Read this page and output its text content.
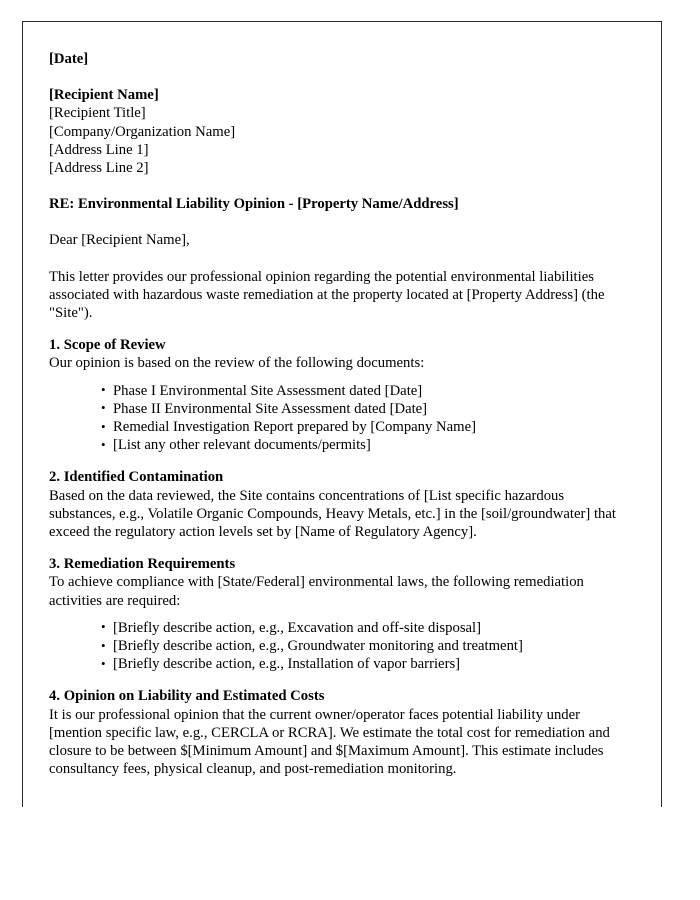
[Date]
[Recipient Name]
[Recipient Title]
[Company/Organization Name]
[Address Line 1]
[Address Line 2]
RE: Environmental Liability Opinion - [Property Name/Address]
Dear [Recipient Name],
This letter provides our professional opinion regarding the potential environmental liabilities associated with hazardous waste remediation at the property located at [Property Address] (the "Site").
1. Scope of Review
Our opinion is based on the review of the following documents:
• Phase I Environmental Site Assessment dated [Date]
• Phase II Environmental Site Assessment dated [Date]
• Remedial Investigation Report prepared by [Company Name]
• [List any other relevant documents/permits]
2. Identified Contamination
Based on the data reviewed, the Site contains concentrations of [List specific hazardous substances, e.g., Volatile Organic Compounds, Heavy Metals, etc.] in the [soil/groundwater] that exceed the regulatory action levels set by [Name of Regulatory Agency].
3. Remediation Requirements
To achieve compliance with [State/Federal] environmental laws, the following remediation activities are required:
• [Briefly describe action, e.g., Excavation and off-site disposal]
• [Briefly describe action, e.g., Groundwater monitoring and treatment]
• [Briefly describe action, e.g., Installation of vapor barriers]
4. Opinion on Liability and Estimated Costs
It is our professional opinion that the current owner/operator faces potential liability under [mention specific law, e.g., CERCLA or RCRA]. We estimate the total cost for remediation and closure to be between $[Minimum Amount] and $[Maximum Amount]. This estimate includes consultancy fees, physical cleanup, and post-remediation monitoring.
